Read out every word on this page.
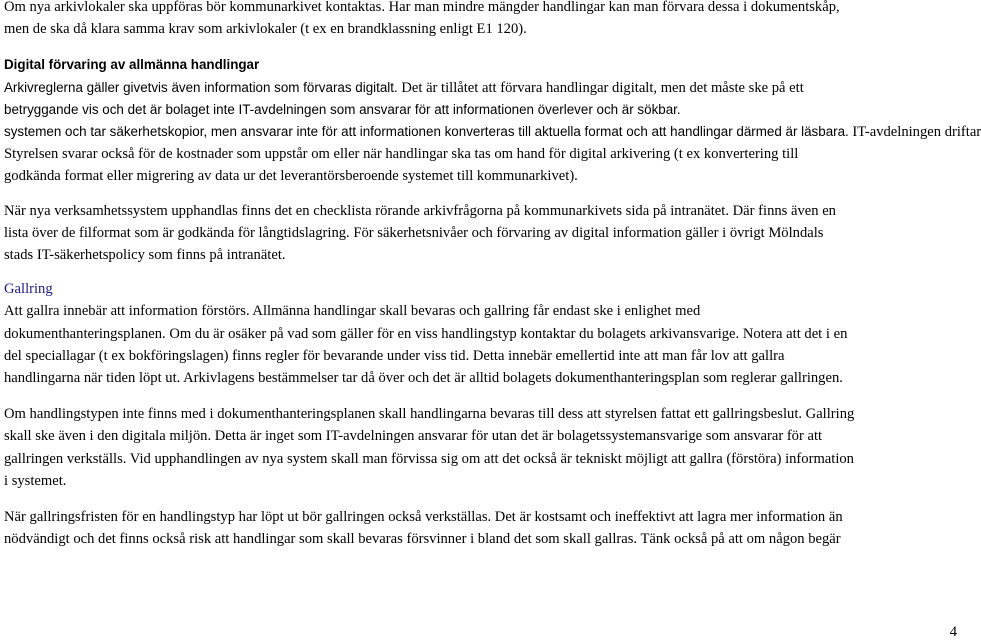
Om nya arkivlokaler ska uppföras bör kommunarkivet kontaktas. Har man mindre mängder handlingar kan man förvara dessa i dokumentskåp,
men de ska då klara samma krav som arkivlokaler (t ex en brandklassning enligt E1 120).

Digital förvaring av allmänna handlingar

Arkivreglerna gäller givetvis även information som förvaras digitalt. Det är tillåtet att förvara handlingar digitalt, men det måste ske på ett
betryggande vis och det är bolaget inte IT-avdelningen som ansvarar för att informationen överlever och är sökbar.
systemen och tar säkerhetskopior, men ansvarar inte för att informationen konverteras till aktuella format och att handlingar därmed är läsbara. IT-avdelningen driftar

Styrelsen svarar också för de kostnader som uppstår om eller när handlingar ska tas om hand för digital arkivering (t ex konvertering till
godkända format eller migrering av data ur det leverantörsberoende systemet till kommunarkivet).

När nya verksamhetssystem upphandlas finns det en checklista rörande arkivfrågorna på kommunarkivets sida på intranätet. Där finns även en
lista över de filformat som är godkända för långtidslagring. För säkerhetsnivåer och förvaring av digital information gäller i övrigt Mölndals
stads IT-säkerhetspolicy som finns på intranätet.

Gallring

Att gallra innebär att information förstörs. Allmänna handlingar skall bevaras och gallring får endast ske i enlighet med
dokumenthanteringsplanen. Om du är osäker på vad som gäller för en viss handlingstyp kontaktar du bolagets arkivansvarige. Notera att det i en
del speciallagar (t ex bokföringslagen) finns regler för bevarande under viss tid. Detta innebär emellertid inte att man får lov att gallra
handlingarna när tiden löpt ut. Arkivlagens bestämmelser tar då över och det är alltid bolagets dokumenthanteringsplan som reglerar gallringen.

Om handlingstypen inte finns med i dokumenthanteringsplanen skall handlingarna bevaras till dess att styrelsen fattat ett gallringsbeslut. Gallring
skall ske även i den digitala miljön. Detta är inget som IT-avdelningen ansvarar för utan det är bolagetssystemansvarige som ansvarar för att
gallringen verkställs. Vid upphandlingen av nya system skall man förvissa sig om att det också är tekniskt möjligt att gallra (förstöra) information
i systemet.

När gallringsfristen för en handlingstyp har löpt ut bör gallringen också verkställas. Det är kostsamt och ineffektivt att lagra mer information än
nödvändigt och det finns också risk att handlingar som skall bevaras försvinner i bland det som skall gallras. Tänk också på att om någon begär

4
